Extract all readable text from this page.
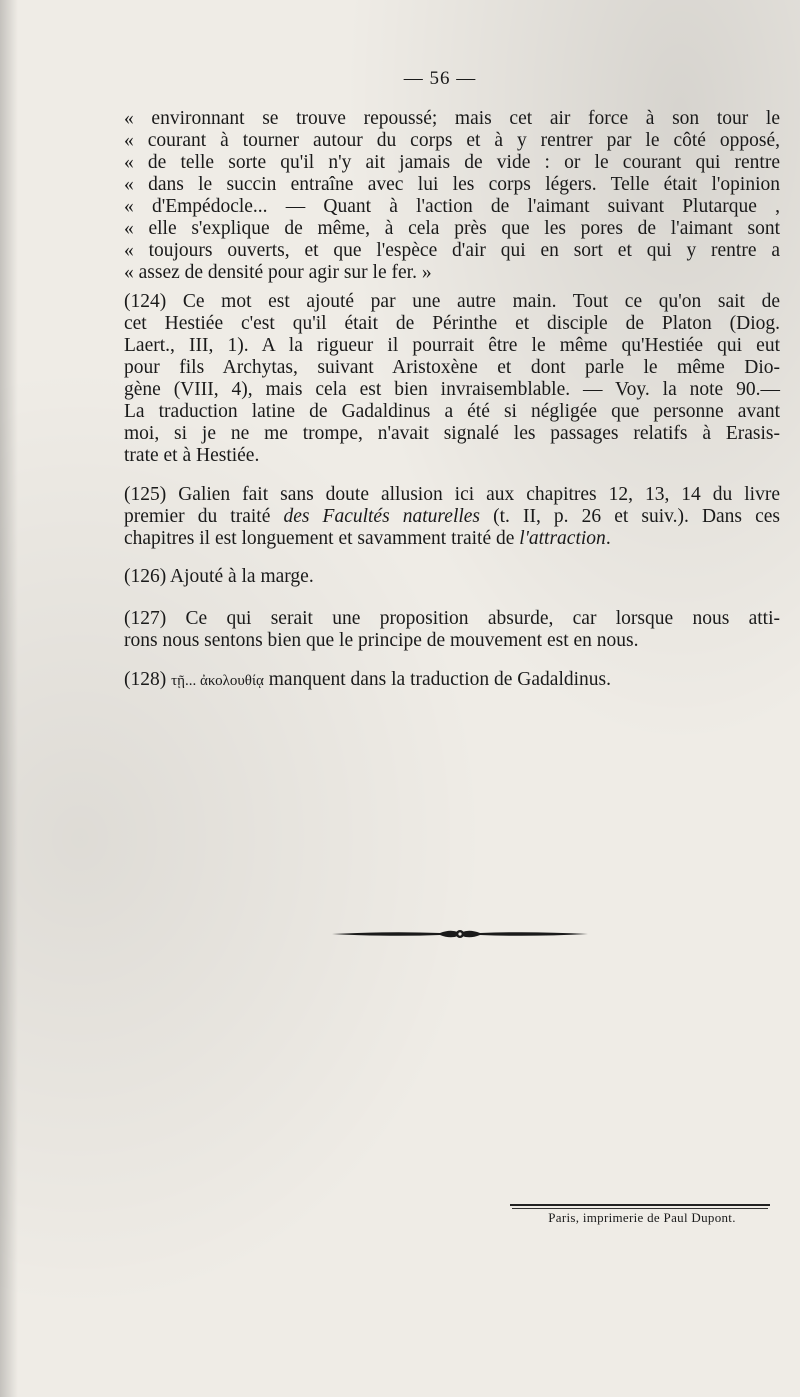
— 56 —
« environnant se trouve repoussé; mais cet air force à son tour le
« courant à tourner autour du corps et à y rentrer par le côté opposé,
« de telle sorte qu'il n'y ait jamais de vide : or le courant qui rentre
« dans le succin entraîne avec lui les corps légers. Telle était l'opinion
« d'Empédocle... — Quant à l'action de l'aimant suivant Plutarque ,
« elle s'explique de même, à cela près que les pores de l'aimant sont
« toujours ouverts, et que l'espèce d'air qui en sort et qui y rentre a
« assez de densité pour agir sur le fer. »
(124) Ce mot est ajouté par une autre main. Tout ce qu'on sait de
cet Hestiée c'est qu'il était de Périnthe et disciple de Platon (Diog.
Laert., III, 1). A la rigueur il pourrait être le même qu'Hestiée qui eut
pour fils Archytas, suivant Aristoxène et dont parle le même Dio-
gène (VIII, 4), mais cela est bien invraisemblable. — Voy. la note 90.—
La traduction latine de Gadaldinus a été si négligée que personne avant
moi, si je ne me trompe, n'avait signalé les passages relatifs à Erasis-
trate et à Hestiée.
(125) Galien fait sans doute allusion ici aux chapitres 12, 13, 14 du livre
premier du traité des Facultés naturelles (t. II, p. 26 et suiv.). Dans ces
chapitres il est longuement et savamment traité de l'attraction.
(126) Ajouté à la marge.
(127) Ce qui serait une proposition absurde, car lorsque nous atti-
rons nous sentons bien que le principe de mouvement est en nous.
(128) τῇ... ἀκολουθίᾳ manquent dans la traduction de Gadaldinus.
Paris, imprimerie de Paul Dupont.
